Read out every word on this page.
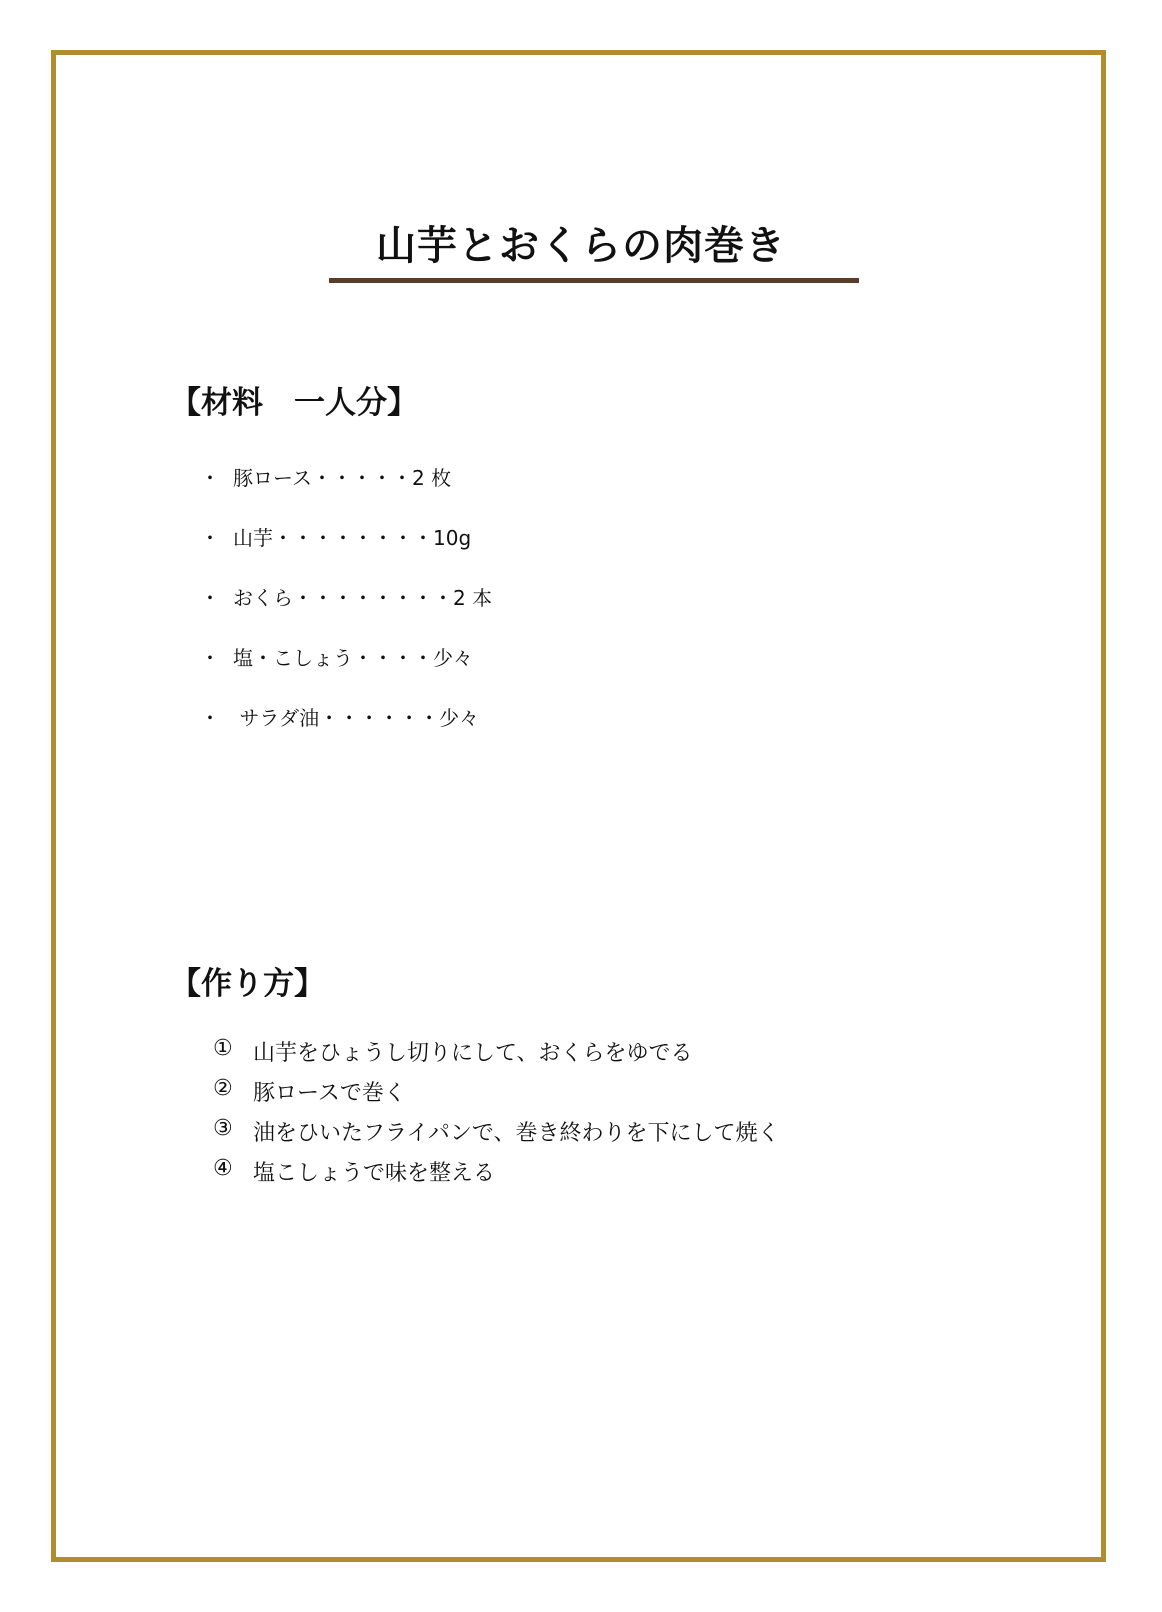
山芋とおくらの肉巻き
【材料　一人分】
・ 豚ロース・・・・・2 枚
・ 山芋・・・・・・・・10g
・ おくら・・・・・・・・2 本
・ 塩・こしょう・・・・少々
・ サラダ油・・・・・・少々
【作り方】
① 山芋をひょうし切りにして、おくらをゆでる
② 豚ロースで巻く
③ 油をひいたフライパンで、巻き終わりを下にして焼く
④ 塩こしょうで味を整える
